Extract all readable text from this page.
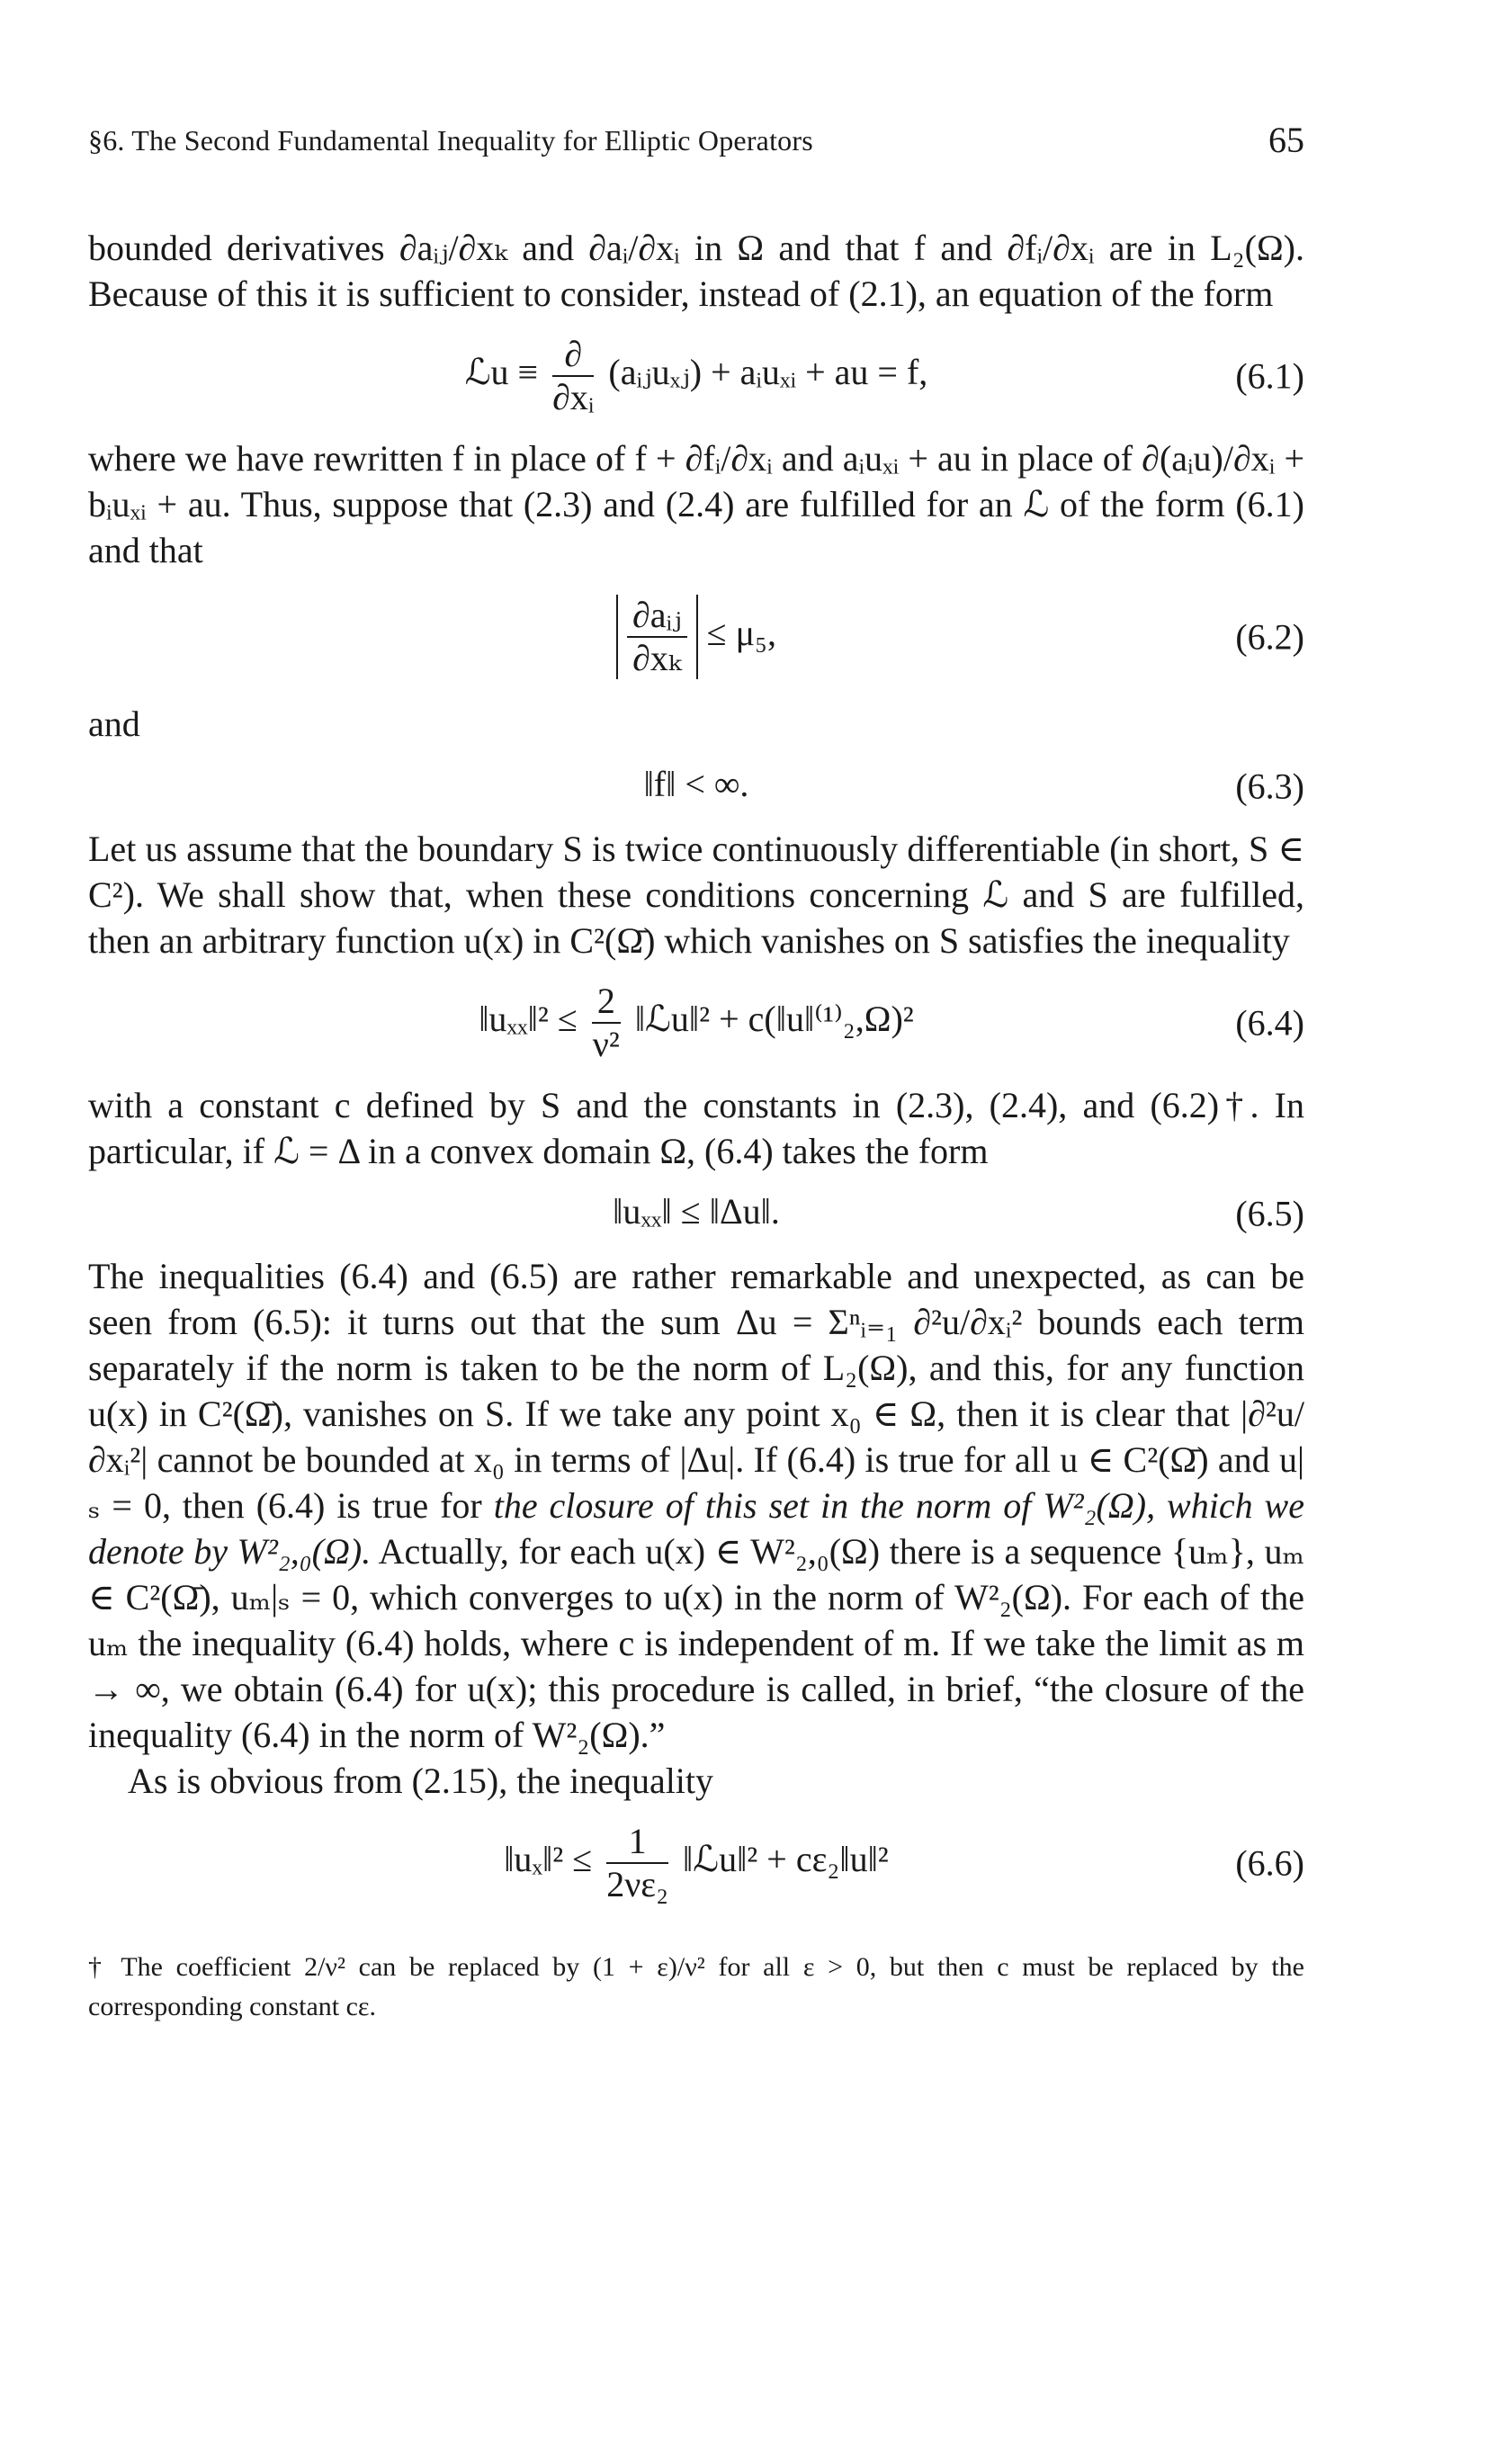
§6. The Second Fundamental Inequality for Elliptic Operators	65

bounded derivatives ∂aᵢⱼ/∂xₖ and ∂aᵢ/∂xᵢ in Ω and that f and ∂fᵢ/∂xᵢ are in L₂(Ω). Because of this it is sufficient to consider, instead of (2.1), an equation of the form

ℒu ≡ $\frac{\partial}{\text{∂xᵢ}}$ (aᵢⱼuₓⱼ) + aᵢuₓᵢ + au = f,	(6.1)

where we have rewritten f in place of f + ∂fᵢ/∂xᵢ and aᵢuₓᵢ + au in place of ∂(aᵢu)/∂xᵢ + bᵢuₓᵢ + au. Thus, suppose that (2.3) and (2.4) are fulfilled for an ℒ of the form (6.1) and that

$\frac{\text{∂aᵢⱼ}}{\text{∂xₖ}} \le \mu_5$,	(6.2)

and

‖f‖ < ∞.	(6.3)

Let us assume that the boundary S is twice continuously differentiable (in short, S ∈ C²). We shall show that, when these conditions concerning ℒ and S are fulfilled, then an arbitrary function u(x) in C²(Ω̄) which vanishes on S satisfies the inequality

‖uₓₓ‖² ≤ $\frac{2}{\text{ν²}}$ ‖ℒu‖² + c(‖u‖⁽¹⁾₂,Ω)²	(6.4)

with a constant c defined by S and the constants in (2.3), (2.4), and (6.2)†. In particular, if ℒ = Δ in a convex domain Ω, (6.4) takes the form

‖uₓₓ‖ ≤ ‖Δu‖.	(6.5)

The inequalities (6.4) and (6.5) are rather remarkable and unexpected, as can be seen from (6.5): it turns out that the sum Δu = Σⁿᵢ₌₁ ∂²u/∂xᵢ² bounds each term separately if the norm is taken to be the norm of L₂(Ω), and this, for any function u(x) in C²(Ω̄), vanishes on S. If we take any point x₀ ∈ Ω, then it is clear that |∂²u/∂xᵢ²| cannot be bounded at x₀ in terms of |Δu|. If (6.4) is true for all u ∈ C²(Ω̄) and u|ₛ = 0, then (6.4) is true for the closure of this set in the norm of W²₂(Ω), which we denote by W²₂,₀(Ω). Actually, for each u(x) ∈ W²₂,₀(Ω) there is a sequence {uₘ}, uₘ ∈ C²(Ω̄), uₘ|ₛ = 0, which converges to u(x) in the norm of W²₂(Ω). For each of the uₘ the inequality (6.4) holds, where c is independent of m. If we take the limit as m → ∞, we obtain (6.4) for u(x); this procedure is called, in brief, “the closure of the inequality (6.4) in the norm of W²₂(Ω).”

As is obvious from (2.15), the inequality

‖uₓ‖² ≤ $\frac{1}{\text{2νε₂}}$ ‖ℒu‖² + cε₂‖u‖²	(6.6)
† The coefficient 2/ν² can be replaced by (1 + ε)/ν² for all ε > 0, but then c must be replaced by the corresponding constant cε.
